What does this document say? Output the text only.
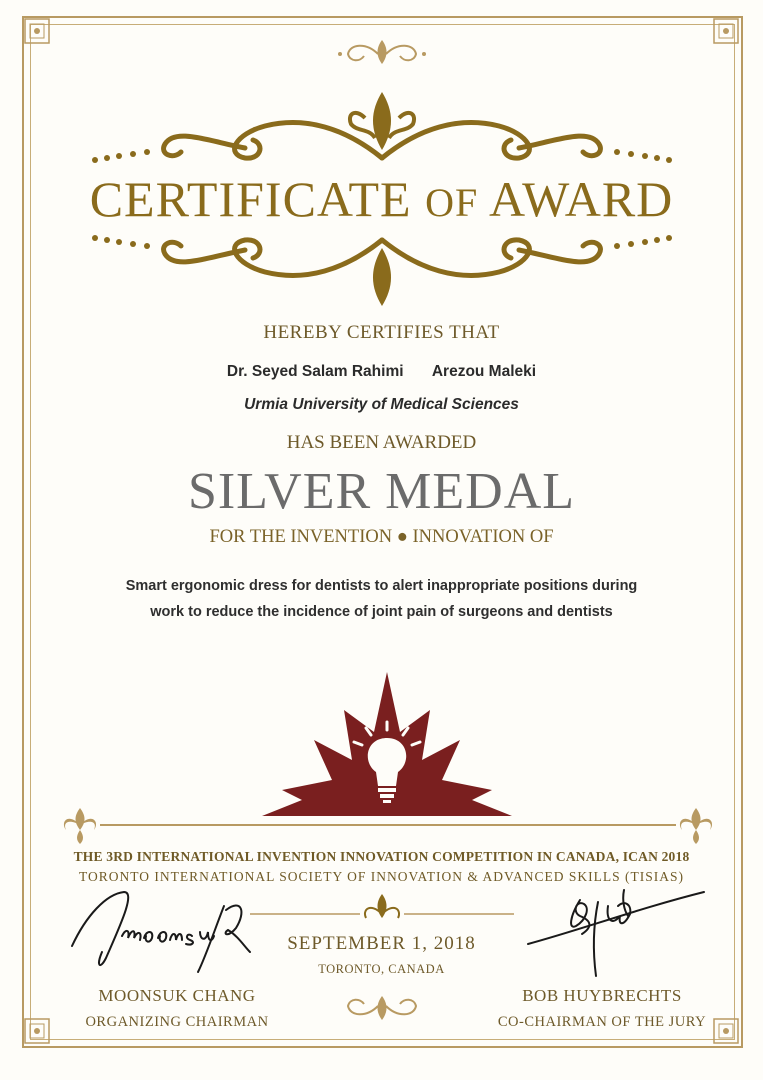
CERTIFICATE OF AWARD
HEREBY CERTIFIES THAT
Dr. Seyed Salam Rahimi Arezou Maleki
Urmia University of Medical Sciences
HAS BEEN AWARDED
SILVER MEDAL
FOR THE INVENTION ● INNOVATION OF
Smart ergonomic dress for dentists to alert inappropriate positions during
work to reduce the incidence of joint pain of surgeons and dentists
THE 3RD INTERNATIONAL INVENTION INNOVATION COMPETITION IN CANADA, ICAN 2018
TORONTO INTERNATIONAL SOCIETY OF INNOVATION & ADVANCED SKILLS (TISIAS)
SEPTEMBER 1, 2018
TORONTO, CANADA
MOONSUK CHANG
ORGANIZING CHAIRMAN
BOB HUYBRECHTS
CO-CHAIRMAN OF THE JURY
